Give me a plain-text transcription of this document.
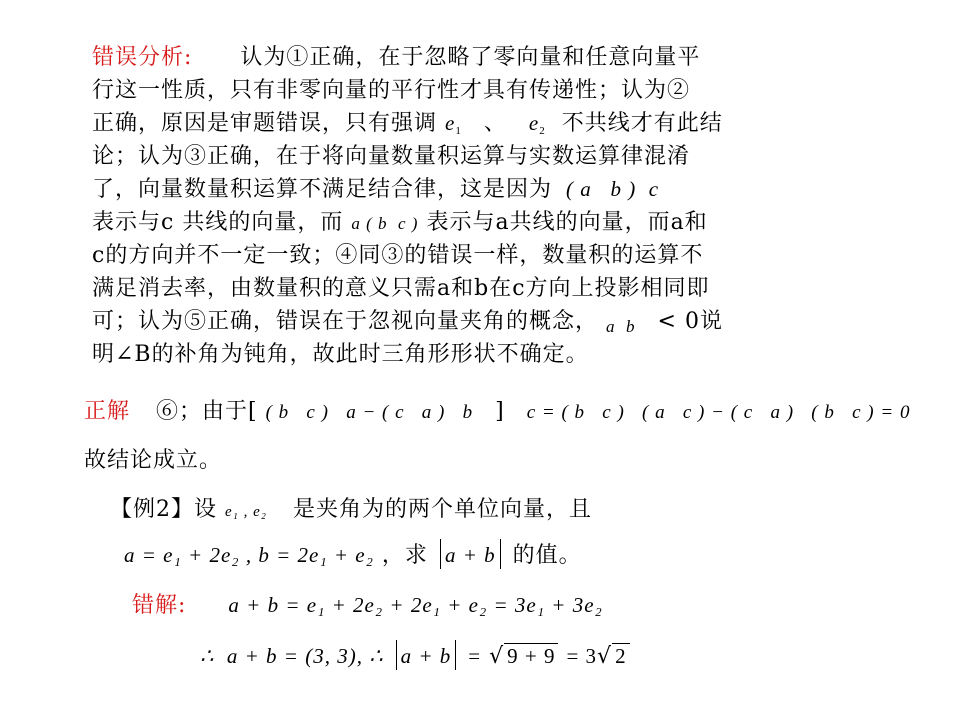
错误分析: 认为①正确，在于忽略了零向量和任意向量平
行这一性质，只有非零向量的平行性才具有传递性；认为②
正确，原因是审题错误，只有强调 $e_1$ 、 $e_2$ 不共线才有此结
论；认为③正确，在于将向量数量积运算与实数运算律混淆
了，向量数量积运算不满足结合律，这是因为 ( a   b )  c
表示与c 共线的向量，而 a ( b  c ) 表示与a共线的向量，而a和
c的方向并不一定一致；④同③的错误一样，数量积的运算不
满足消去率，由数量积的意义只需a和b在c方向上投影相同即
可；认为⑤正确，错误在于忽视向量夹角的概念， a  b < 0说
明∠B的补角为钝角，故此时三角形形状不确定。
正解 ⑥；由于[ ( b   c )   a − ( c   a )   b ] c = ( b   c )   ( a   c ) − ( c   a )   ( b   c ) = 0
故结论成立。
【例2】设 e₁ , e₂ 是夹角为的两个单位向量，且
a = e₁ + 2e₂ , b = 2e₁ + e₂ ，求 a + b 的值。
错解: a + b = e₁ + 2e₂ + 2e₁ + e₂ = 3e₁ + 3e₂
∴  a + b = (3, 3), ∴ a + b = √ 9 + 9 = 3√ 2
